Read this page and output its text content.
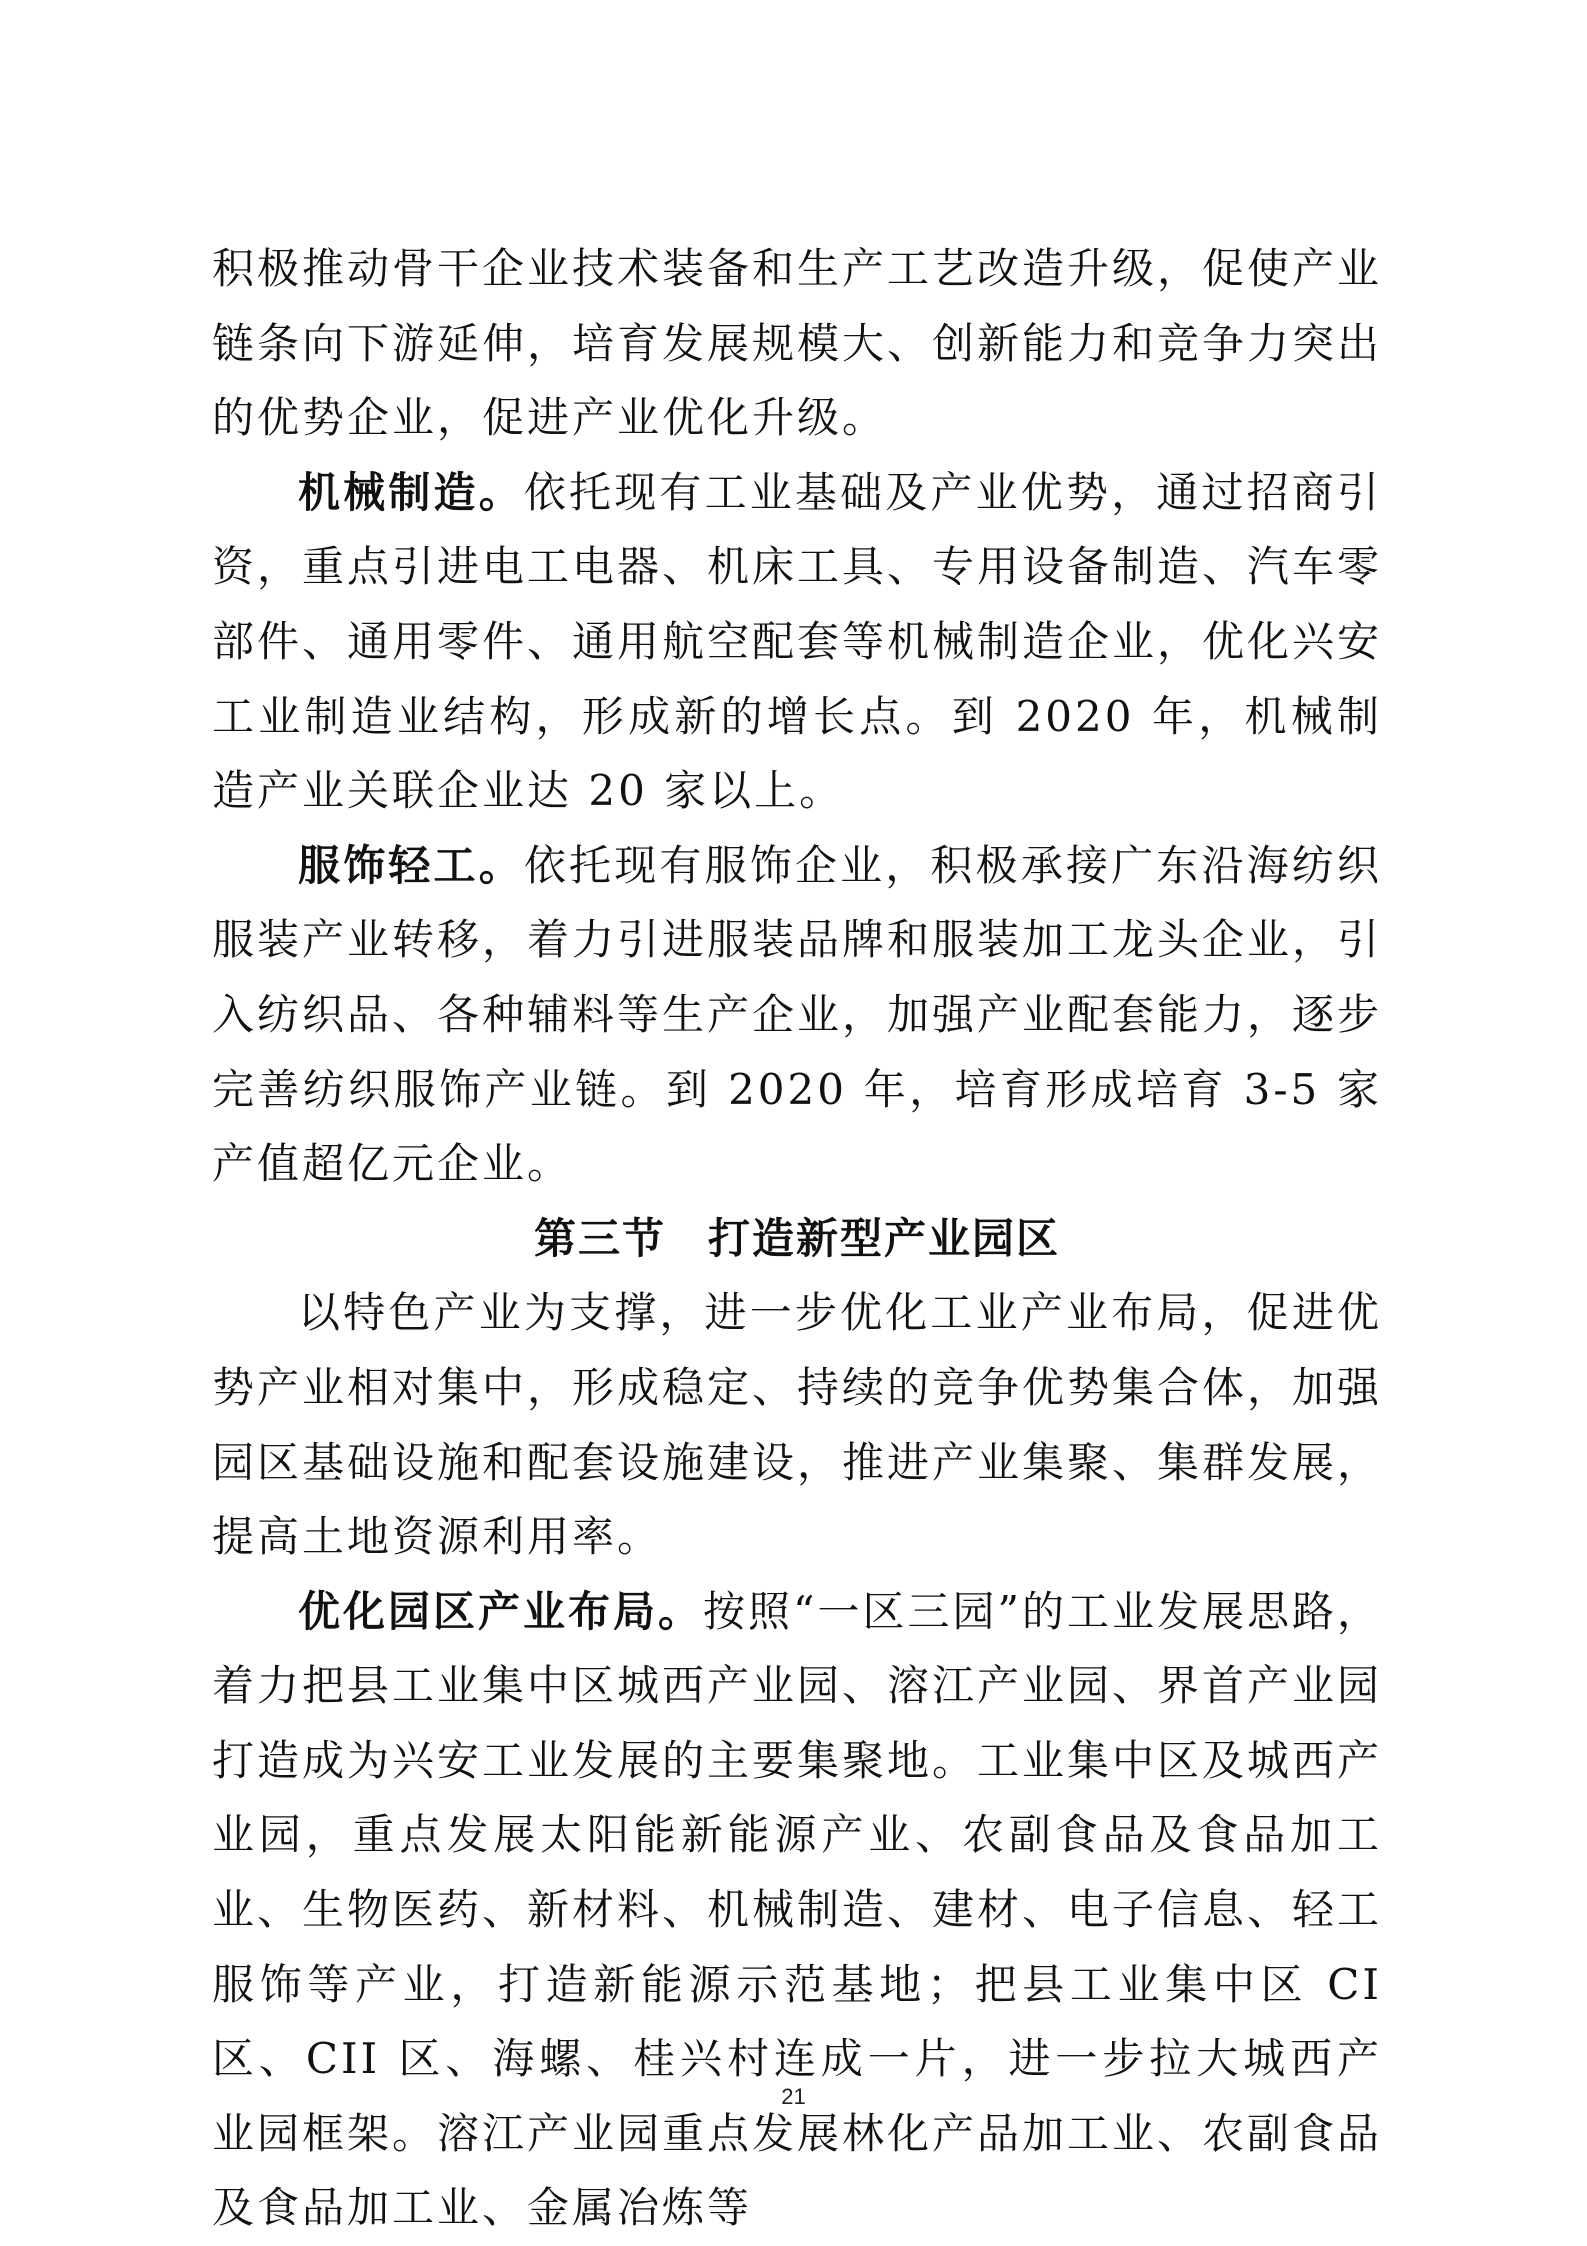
积极推动骨干企业技术装备和生产工艺改造升级，促使产业链条向下游延伸，培育发展规模大、创新能力和竞争力突出的优势企业，促进产业优化升级。

机械制造。依托现有工业基础及产业优势，通过招商引资，重点引进电工电器、机床工具、专用设备制造、汽车零部件、通用零件、通用航空配套等机械制造企业，优化兴安工业制造业结构，形成新的增长点。到 2020 年，机械制造产业关联企业达 20 家以上。

服饰轻工。依托现有服饰企业，积极承接广东沿海纺织服装产业转移，着力引进服装品牌和服装加工龙头企业，引入纺织品、各种辅料等生产企业，加强产业配套能力，逐步完善纺织服饰产业链。到 2020 年，培育形成培育 3-5 家产值超亿元企业。

第三节 打造新型产业园区

以特色产业为支撑，进一步优化工业产业布局，促进优势产业相对集中，形成稳定、持续的竞争优势集合体，加强园区基础设施和配套设施建设，推进产业集聚、集群发展，提高土地资源利用率。

优化园区产业布局。按照“一区三园”的工业发展思路，着力把县工业集中区城西产业园、溶江产业园、界首产业园打造成为兴安工业发展的主要集聚地。工业集中区及城西产业园，重点发展太阳能新能源产业、农副食品及食品加工业、生物医药、新材料、机械制造、建材、电子信息、轻工服饰等产业，打造新能源示范基地；把县工业集中区 CI 区、CII 区、海螺、桂兴村连成一片，进一步拉大城西产业园框架。溶江产业园重点发展林化产品加工业、农副食品及食品加工业、金属冶炼等

21
